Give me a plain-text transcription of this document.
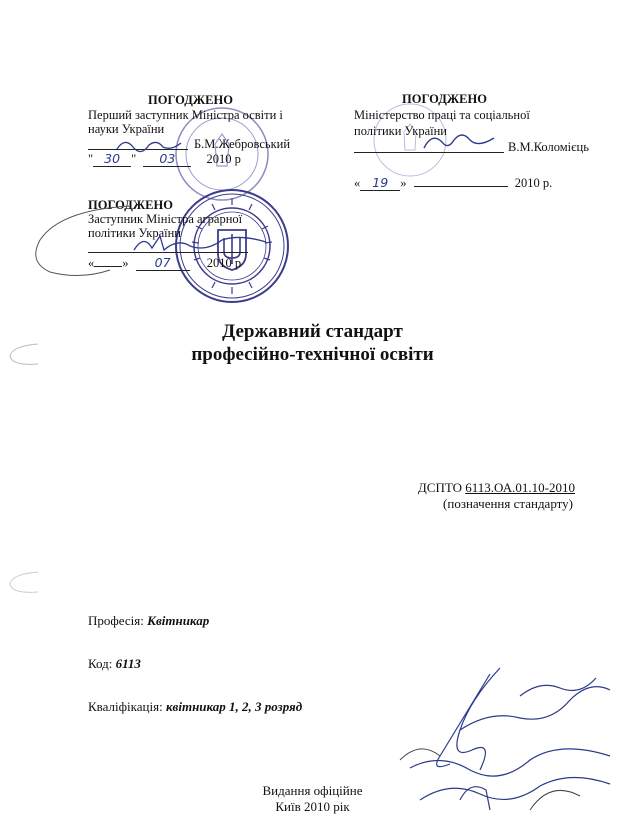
ПОГОДЖЕНО
Перший заступник Міністра освіти і
науки України
Б.М.Жебровський
" 30 " 03 2010 р
ПОГОДЖЕНО
Заступник Міністра аграрної
політики України
« » 07	2010 р
ПОГОДЖЕНО
Міністерство праці та соціальної
політики України
В.М.Коломієць
« 19 »	2010 р.
Державний стандарт
професійно-технічної освіти
ДСПТО 6113.ОА.01.10-2010
(позначення стандарту)
Професія: Квітникар
Код: 6113
Кваліфікація: квітникар 1, 2, 3 розряд
Видання офіційне
Київ 2010 рік
